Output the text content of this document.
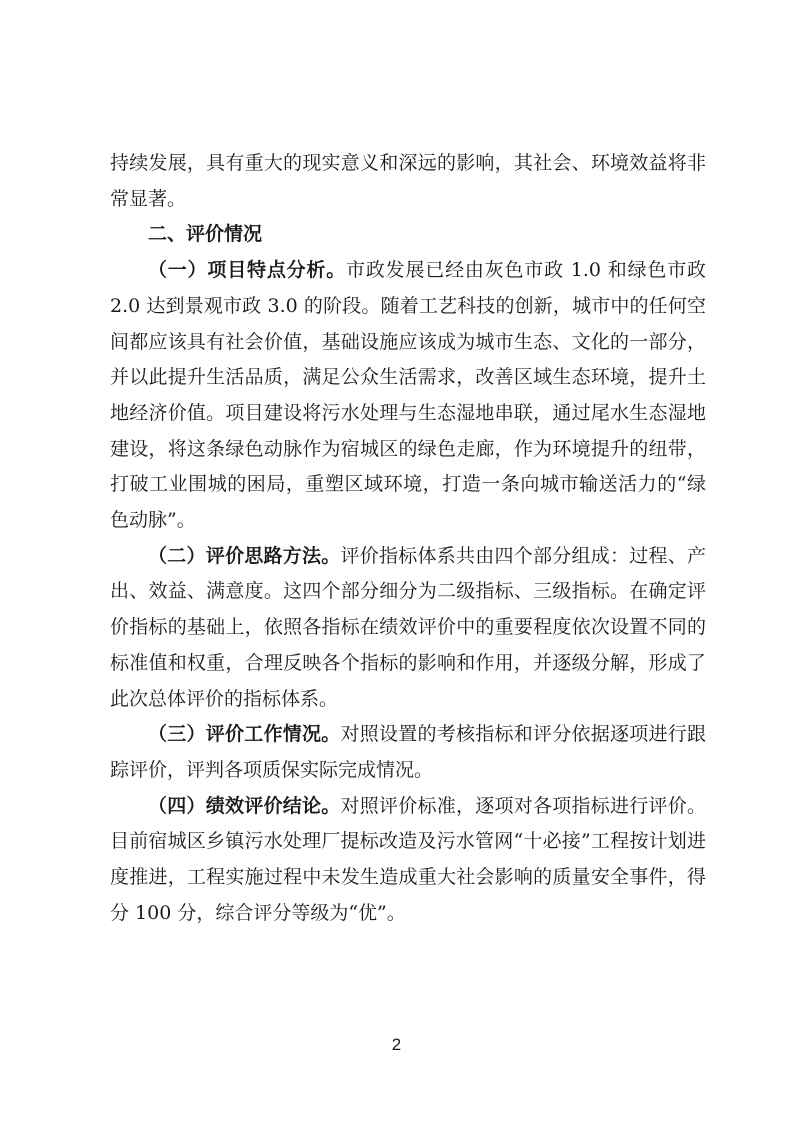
持续发展，具有重大的现实意义和深远的影响，其社会、环境效益将非常显著。

二、评价情况

（一）项目特点分析。市政发展已经由灰色市政 1.0 和绿色市政 2.0 达到景观市政 3.0 的阶段。随着工艺科技的创新，城市中的任何空间都应该具有社会价值，基础设施应该成为城市生态、文化的一部分，并以此提升生活品质，满足公众生活需求，改善区域生态环境，提升土地经济价值。项目建设将污水处理与生态湿地串联，通过尾水生态湿地建设，将这条绿色动脉作为宿城区的绿色走廊，作为环境提升的纽带，打破工业围城的困局，重塑区域环境，打造一条向城市输送活力的“绿色动脉”。

（二）评价思路方法。评价指标体系共由四个部分组成：过程、产出、效益、满意度。这四个部分细分为二级指标、三级指标。在确定评价指标的基础上，依照各指标在绩效评价中的重要程度依次设置不同的标准值和权重，合理反映各个指标的影响和作用，并逐级分解，形成了此次总体评价的指标体系。

（三）评价工作情况。对照设置的考核指标和评分依据逐项进行跟踪评价，评判各项质保实际完成情况。

（四）绩效评价结论。对照评价标准，逐项对各项指标进行评价。目前宿城区乡镇污水处理厂提标改造及污水管网“十必接”工程按计划进度推进，工程实施过程中未发生造成重大社会影响的质量安全事件，得分 100 分，综合评分等级为“优”。

2
